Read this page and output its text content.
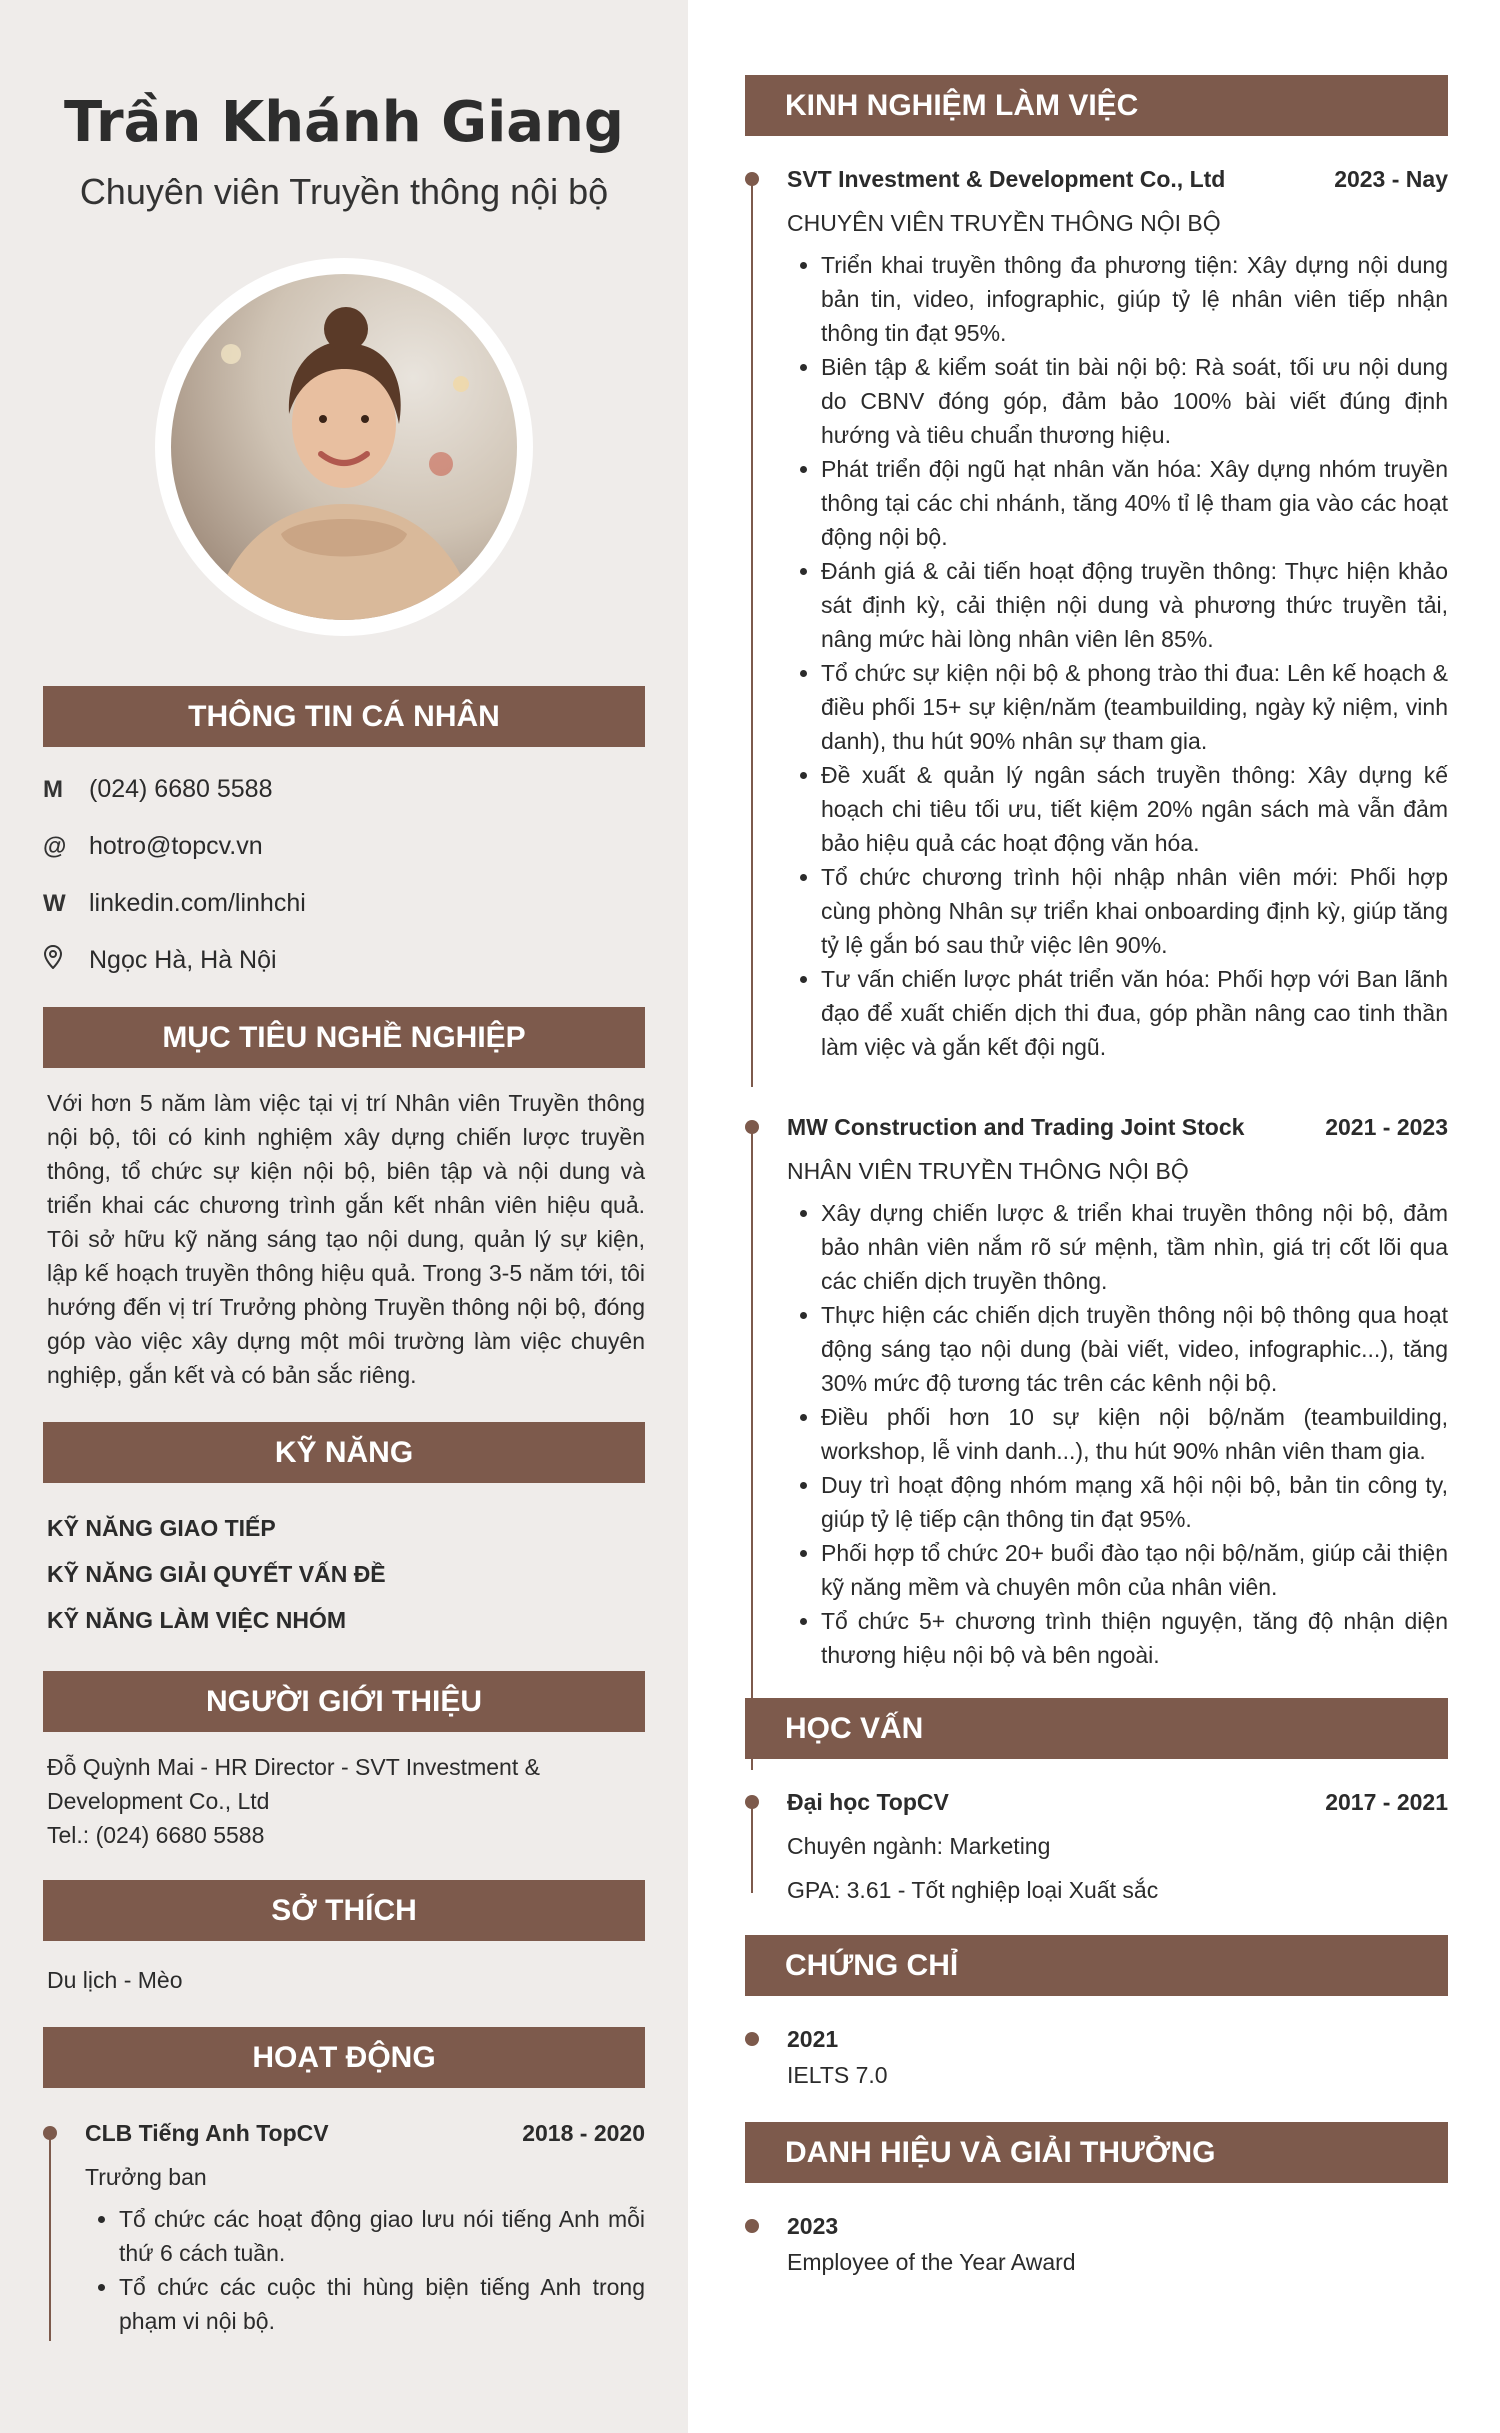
Trần Khánh Giang

Chuyên viên Truyền thông nội bộ

THÔNG TIN CÁ NHÂN
M	(024) 6680 5588
@ hotro@topcv.vn
W linkedin.com/linhchi
Ngọc Hà, Hà Nội
MỤC TIÊU NGHỀ NGHIỆP

Với hơn 5 năm làm việc tại vị trí Nhân viên Truyền thông nội bộ, tôi có kinh nghiệm xây dựng chiến lược truyền thông, tổ chức sự kiện nội bộ, biên tập và nội dung và triển khai các chương trình gắn kết nhân viên hiệu quả. Tôi sở hữu kỹ năng sáng tạo nội dung, quản lý sự kiện, lập kế hoạch truyền thông hiệu quả. Trong 3-5 năm tới, tôi hướng đến vị trí Trưởng phòng Truyền thông nội bộ, đóng góp vào việc xây dựng một môi trường làm việc chuyên nghiệp, gắn kết và có bản sắc riêng.

KỸ NĂNG
KỸ NĂNG GIAO TIẾP
KỸ NĂNG GIẢI QUYẾT VẤN ĐỀ
KỸ NĂNG LÀM VIỆC NHÓM
NGƯỜI GIỚI THIỆU

Đỗ Quỳnh Mai - HR Director - SVT Investment & Development Co., Ltd

Tel.: (024) 6680 5588

SỞ THÍCH

Du lịch - Mèo

HOẠT ĐỘNG
CLB Tiếng Anh TopCV	2018 - 2020
Trưởng ban
• Tổ chức các hoạt động giao lưu nói tiếng Anh mỗi thứ 6 cách tuần.
• Tổ chức các cuộc thi hùng biện tiếng Anh trong phạm vi nội bộ.
KINH NGHIỆM LÀM VIỆC
SVT Investment & Development Co., Ltd	2023 - Nay
CHUYÊN VIÊN TRUYỀN THÔNG NỘI BỘ
• Triển khai truyền thông đa phương tiện: Xây dựng nội dung bản tin, video, infographic, giúp tỷ lệ nhân viên tiếp nhận thông tin đạt 95%.
• Biên tập & kiểm soát tin bài nội bộ: Rà soát, tối ưu nội dung do CBNV đóng góp, đảm bảo 100% bài viết đúng định hướng và tiêu chuẩn thương hiệu.
• Phát triển đội ngũ hạt nhân văn hóa: Xây dựng nhóm truyền thông tại các chi nhánh, tăng 40% tỉ lệ tham gia vào các hoạt động nội bộ.
• Đánh giá & cải tiến hoạt động truyền thông: Thực hiện khảo sát định kỳ, cải thiện nội dung và phương thức truyền tải, nâng mức hài lòng nhân viên lên 85%.
• Tổ chức sự kiện nội bộ & phong trào thi đua: Lên kế hoạch & điều phối 15+ sự kiện/năm (teambuilding, ngày kỷ niệm, vinh danh), thu hút 90% nhân sự tham gia.
• Đề xuất & quản lý ngân sách truyền thông: Xây dựng kế hoạch chi tiêu tối ưu, tiết kiệm 20% ngân sách mà vẫn đảm bảo hiệu quả các hoạt động văn hóa.
• Tổ chức chương trình hội nhập nhân viên mới: Phối hợp cùng phòng Nhân sự triển khai onboarding định kỳ, giúp tăng tỷ lệ gắn bó sau thử việc lên 90%.
• Tư vấn chiến lược phát triển văn hóa: Phối hợp với Ban lãnh đạo để xuất chiến dịch thi đua, góp phần nâng cao tinh thần làm việc và gắn kết đội ngũ.
MW Construction and Trading Joint Stock	2021 - 2023
NHÂN VIÊN TRUYỀN THÔNG NỘI BỘ
• Xây dựng chiến lược & triển khai truyền thông nội bộ, đảm bảo nhân viên nắm rõ sứ mệnh, tầm nhìn, giá trị cốt lõi qua các chiến dịch truyền thông.
• Thực hiện các chiến dịch truyền thông nội bộ thông qua hoạt động sáng tạo nội dung (bài viết, video, infographic...), tăng 30% mức độ tương tác trên các kênh nội bộ.
• Điều phối hơn 10 sự kiện nội bộ/năm (teambuilding, workshop, lễ vinh danh...), thu hút 90% nhân viên tham gia.
• Duy trì hoạt động nhóm mạng xã hội nội bộ, bản tin công ty, giúp tỷ lệ tiếp cận thông tin đạt 95%.
• Phối hợp tổ chức 20+ buổi đào tạo nội bộ/năm, giúp cải thiện kỹ năng mềm và chuyên môn của nhân viên.
• Tổ chức 5+ chương trình thiện nguyện, tăng độ nhận diện thương hiệu nội bộ và bên ngoài.
HỌC VẤN
Đại học TopCV	2017 - 2021
Chuyên ngành: Marketing
GPA: 3.61 - Tốt nghiệp loại Xuất sắc
CHỨNG CHỈ
2021
IELTS 7.0
DANH HIỆU VÀ GIẢI THƯỞNG
2023
Employee of the Year Award
